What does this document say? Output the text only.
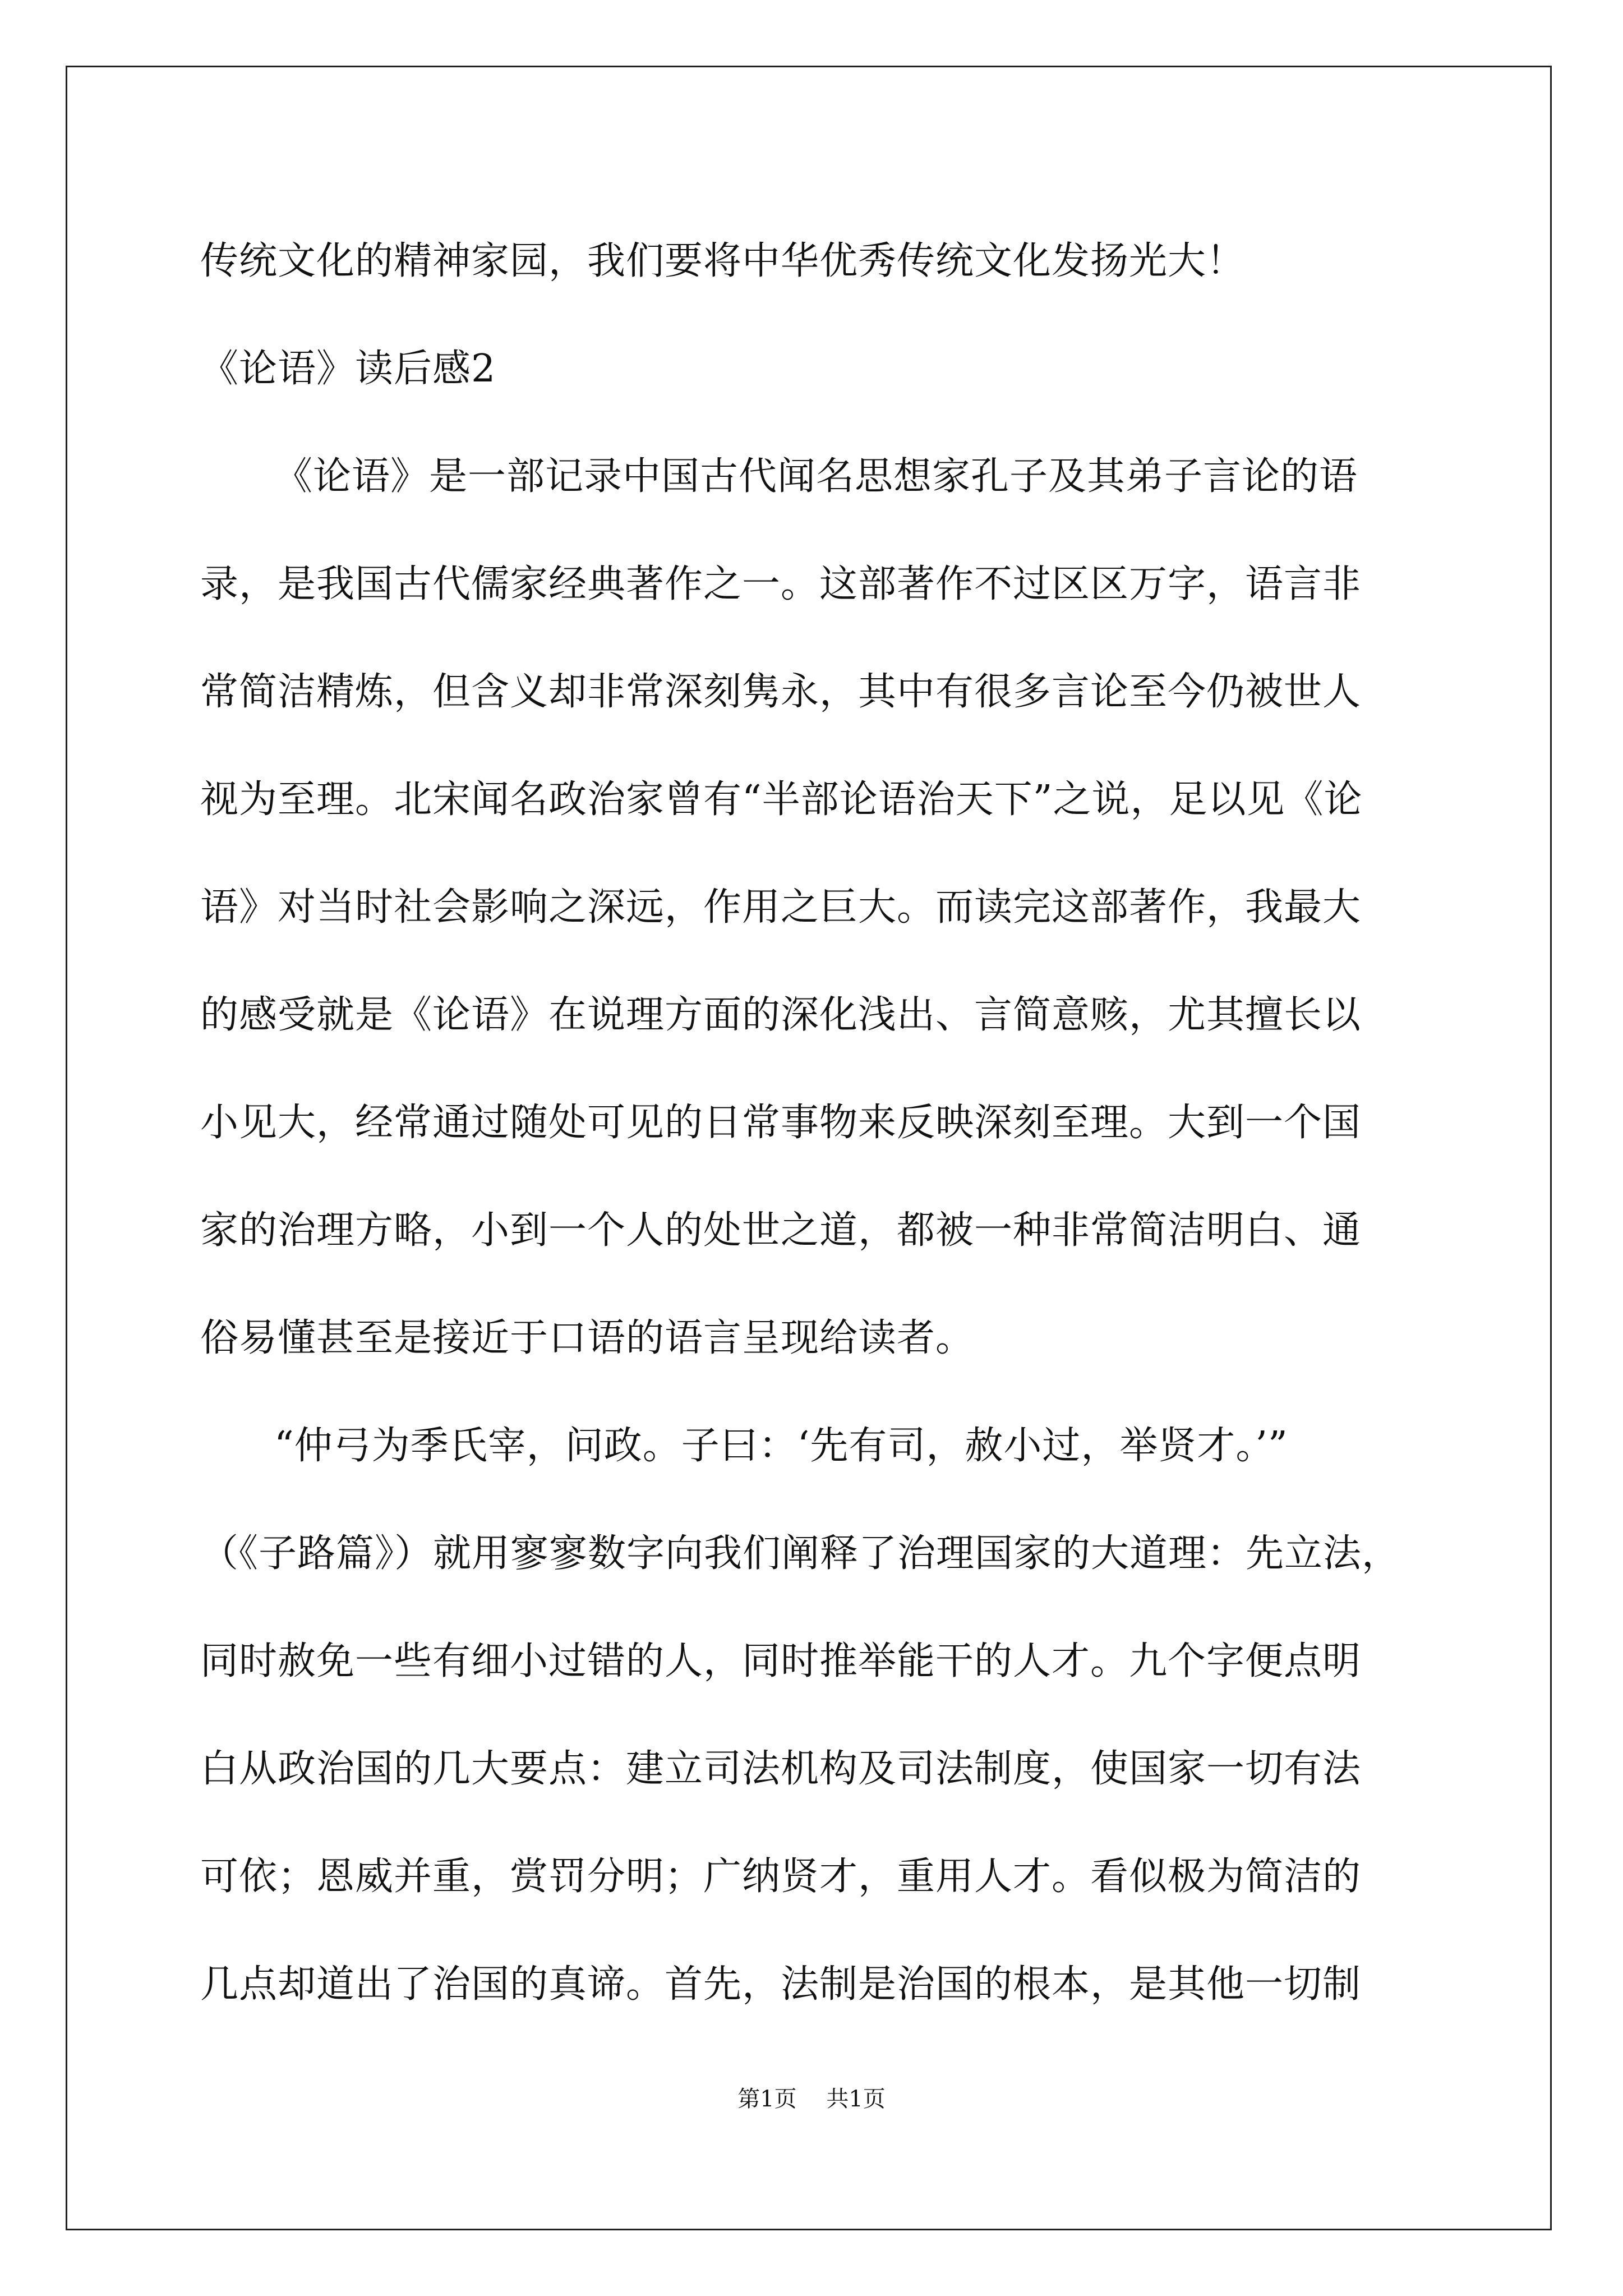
传统文化的精神家园，我们要将中华优秀传统文化发扬光大！
《论语》读后感2
《论语》是一部记录中国古代闻名思想家孔子及其弟子言论的语
录，是我国古代儒家经典著作之一。这部著作不过区区万字，语言非
常简洁精炼，但含义却非常深刻隽永，其中有很多言论至今仍被世人
视为至理。北宋闻名政治家曾有“半部论语治天下”之说，足以见《论
语》对当时社会影响之深远，作用之巨大。而读完这部著作，我最大
的感受就是《论语》在说理方面的深化浅出、言简意赅，尤其擅长以
小见大，经常通过随处可见的日常事物来反映深刻至理。大到一个国
家的治理方略，小到一个人的处世之道，都被一种非常简洁明白、通
俗易懂甚至是接近于口语的语言呈现给读者。
“仲弓为季氏宰，问政。子曰：‘先有司，赦小过，举贤才。’”
（《子路篇》）就用寥寥数字向我们阐释了治理国家的大道理：先立法，
同时赦免一些有细小过错的人，同时推举能干的人才。九个字便点明
白从政治国的几大要点：建立司法机构及司法制度，使国家一切有法
可依；恩威并重，赏罚分明；广纳贤才，重用人才。看似极为简洁的
几点却道出了治国的真谛。首先，法制是治国的根本，是其他一切制
第1页 共1页
